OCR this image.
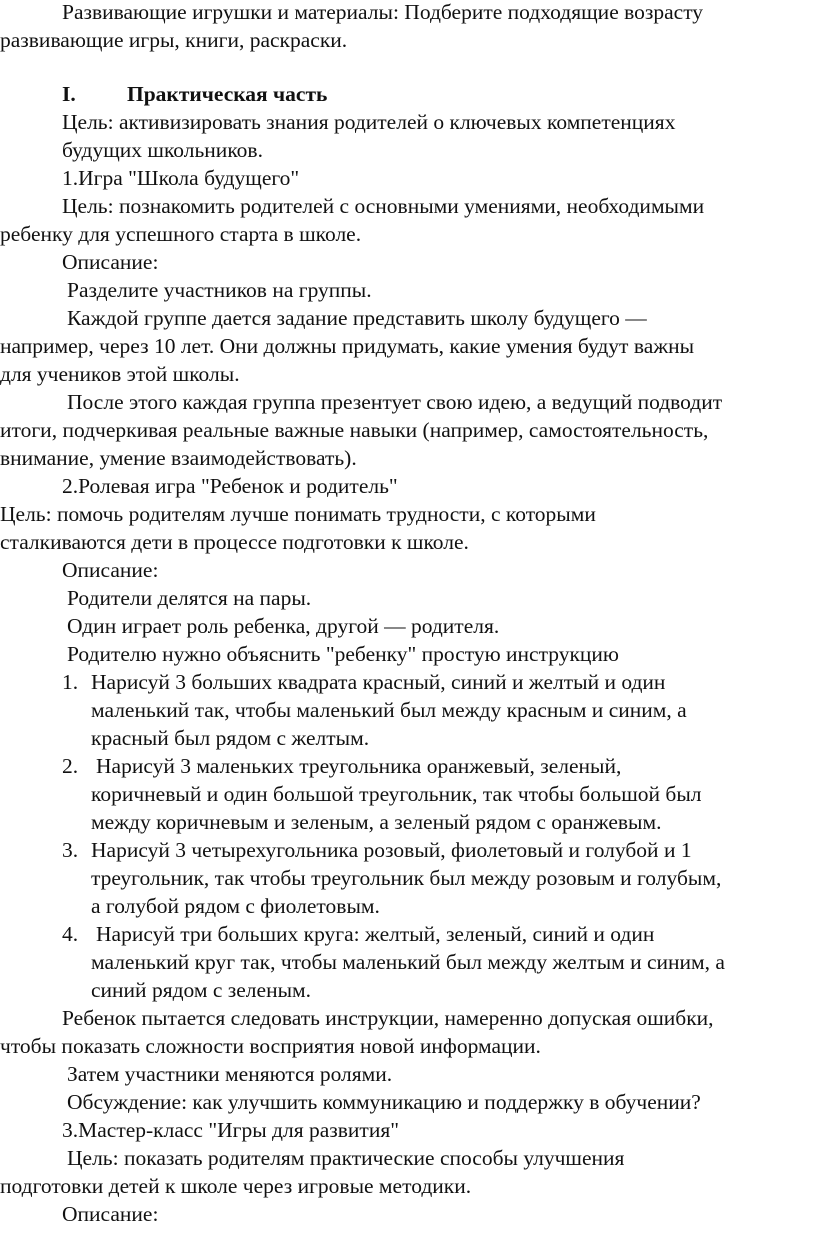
Развивающие игрушки и материалы: Подберите подходящие возрасту
развивающие игры, книги, раскраски.
I. Практическая часть
Цель: активизировать знания родителей о ключевых компетенциях
будущих школьников.
1.Игра "Школа будущего"
Цель: познакомить родителей с основными умениями, необходимыми
ребенку для успешного старта в школе.
Описание:
Разделите участников на группы.
Каждой группе дается задание представить школу будущего —
например, через 10 лет. Они должны придумать, какие умения будут важны
для учеников этой школы.
После этого каждая группа презентует свою идею, а ведущий подводит
итоги, подчеркивая реальные важные навыки (например, самостоятельность,
внимание, умение взаимодействовать).
2.Ролевая игра "Ребенок и родитель"
Цель: помочь родителям лучше понимать трудности, с которыми
сталкиваются дети в процессе подготовки к школе.
Описание:
Родители делятся на пары.
Один играет роль ребенка, другой — родителя.
Родителю нужно объяснить "ребенку" простую инструкцию
1. Нарисуй 3 больших квадрата красный, синий и желтый и один
маленький так, чтобы маленький был между красным и синим, а
красный был рядом с желтым.
2. Нарисуй 3 маленьких треугольника оранжевый, зеленый,
коричневый и один большой треугольник, так чтобы большой был
между коричневым и зеленым, а зеленый рядом с оранжевым.
3. Нарисуй 3 четырехугольника розовый, фиолетовый и голубой и 1
треугольник, так чтобы треугольник был между розовым и голубым,
а голубой рядом с фиолетовым.
4. Нарисуй три больших круга: желтый, зеленый, синий и один
маленький круг так, чтобы маленький был между желтым и синим, а
синий рядом с зеленым.
Ребенок пытается следовать инструкции, намеренно допуская ошибки,
чтобы показать сложности восприятия новой информации.
Затем участники меняются ролями.
Обсуждение: как улучшить коммуникацию и поддержку в обучении?
3.Мастер-класс "Игры для развития"
Цель: показать родителям практические способы улучшения
подготовки детей к школе через игровые методики.
Описание:
